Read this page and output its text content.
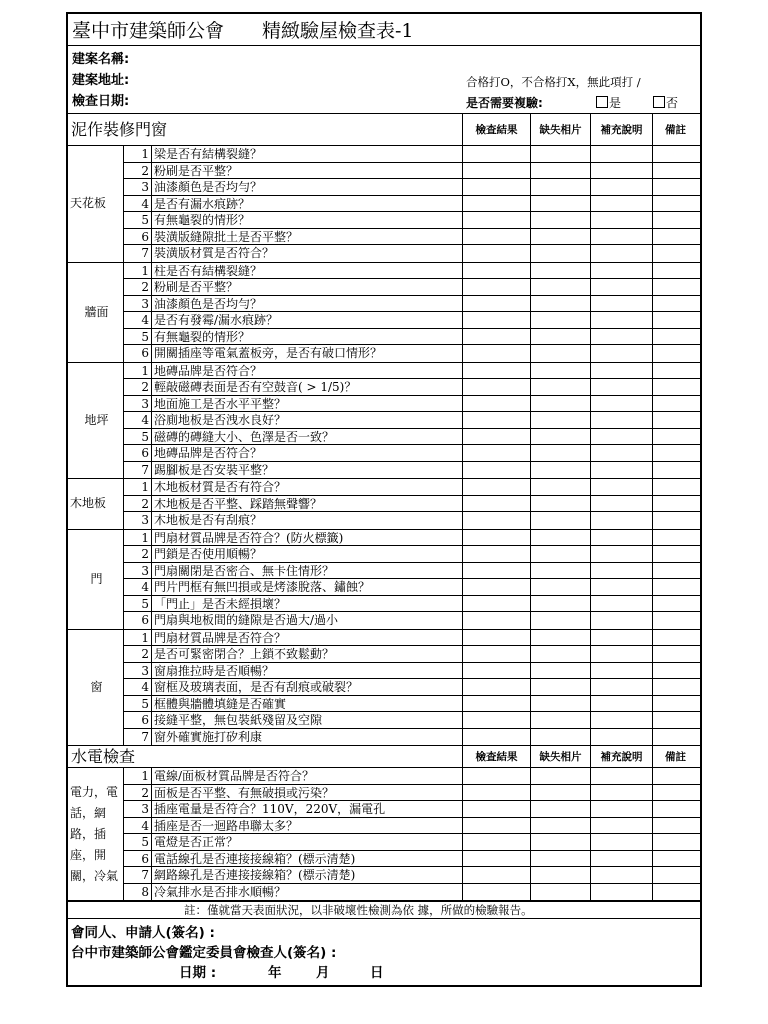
臺中市建築師公會 精緻驗屋檢查表-1
建案名稱:
建案地址:
檢查日期:
合格打O，不合格打X，無此項打 /
是否需要複驗:	是	否
泥作裝修門窗	檢查結果	缺失相片	補充說明	備註
天花板
1 梁是否有結構裂縫？
2 粉刷是否平整？
3 油漆顏色是否均勻？
4 是否有漏水痕跡？
5 有無龜裂的情形？
6 裝潢版縫隙批土是否平整？
7 裝潢版材質是否符合？
牆面
1 柱是否有結構裂縫？
2 粉刷是否平整？
3 油漆顏色是否均勻？
4 是否有發霉/漏水痕跡？
5 有無龜裂的情形？
6 開關插座等電氣蓋板旁，是否有破口情形？
地坪
1 地磚品牌是否符合？
2 輕敲磁磚表面是否有空鼓音( > 1/5)？
3 地面施工是否水平平整？
4 浴廁地板是否洩水良好？
5 磁磚的磚縫大小、色澤是否一致？
6 地磚品牌是否符合？
7 踢腳板是否安裝平整？
木地板
1 木地板材質是否有符合？
2 木地板是否平整、踩踏無聲響？
3 木地板是否有刮痕？
門
1 門扇材質品牌是否符合？(防火標籤)
2 門鎖是否使用順暢？
3 門扇關閉是否密合、無卡住情形？
4 門片門框有無凹損或是烤漆脫落、鏽蝕？
5 「門止」是否未經損壞？
6 門扇與地板間的縫隙是否過大/過小
窗
1 門扇材質品牌是否符合？
2 是否可緊密閉合？上鎖不致鬆動？
3 窗扇推拉時是否順暢？
4 窗框及玻璃表面，是否有刮痕或破裂？
5 框體與牆體填縫是否確實
6 接縫平整，無包裝紙殘留及空隙
7 窗外確實施打矽利康
水電檢查	檢查結果	缺失相片	補充說明	備註
電力，電話，網路，插座，開關，冷氣
1 電線/面板材質品牌是否符合？
2 面板是否平整、有無破損或污染？
3 插座電量是否符合？110V，220V，漏電孔
4 插座是否一迴路串聯太多？
5 電燈是否正常？
6 電話線孔是否連接接線箱？(標示清楚)
7 網路線孔是否連接接線箱？(標示清楚)
8 冷氣排水是否排水順暢？
註：僅就當天表面狀況，以非破壞性檢測為依 據，所做的檢驗報告。
會同人、申請人(簽名) :
台中市建築師公會鑑定委員會檢查人(簽名) :
日期 :	年	月	日
